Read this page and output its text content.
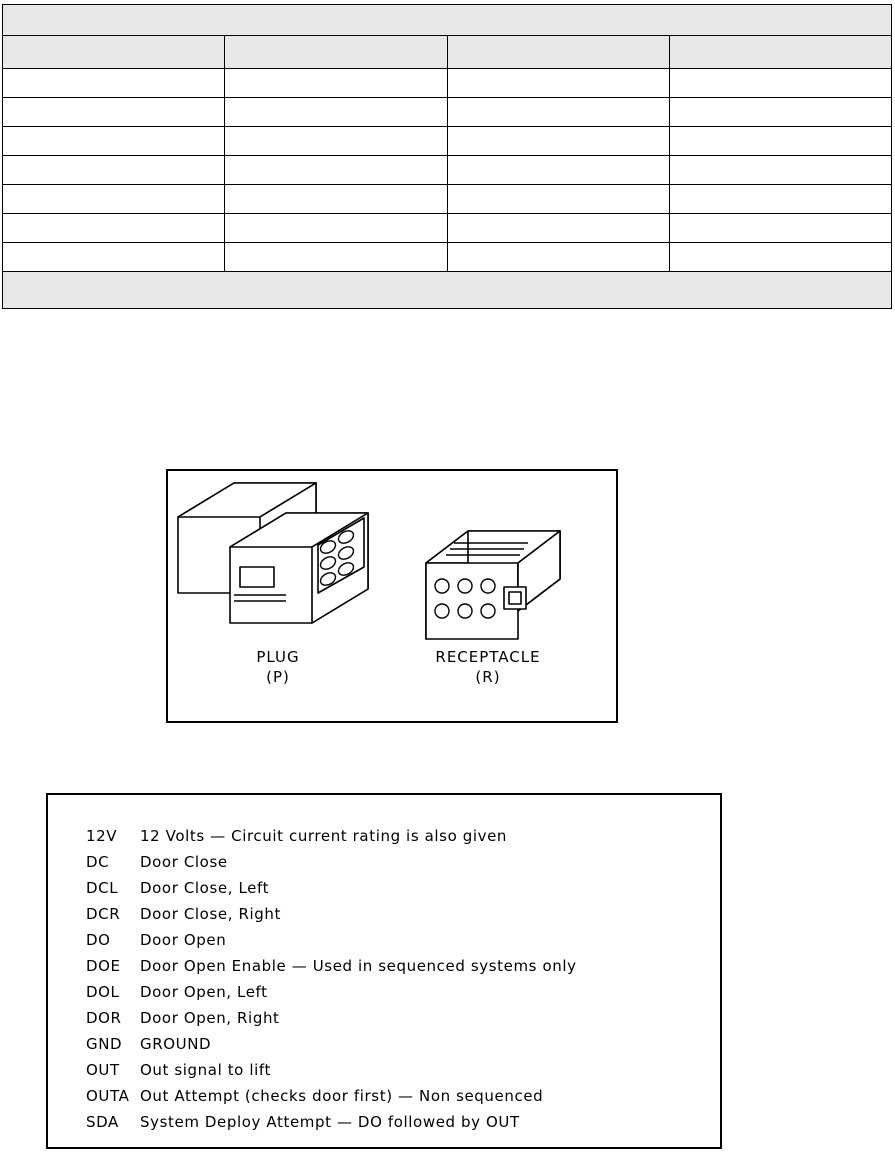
PLUG
(P)
RECEPTACLE
(R)
12V	12 Volts — Circuit current rating is also given
DC	Door Close
DCL	Door Close, Left
DCR	Door Close, Right
DO	Door Open
DOE	Door Open Enable — Used in sequenced systems only
DOL	Door Open, Left
DOR	Door Open, Right
GND	GROUND
OUT	Out signal to lift
OUTA Out Attempt (checks door first) — Non sequenced
SDA	System Deploy Attempt — DO followed by OUT
